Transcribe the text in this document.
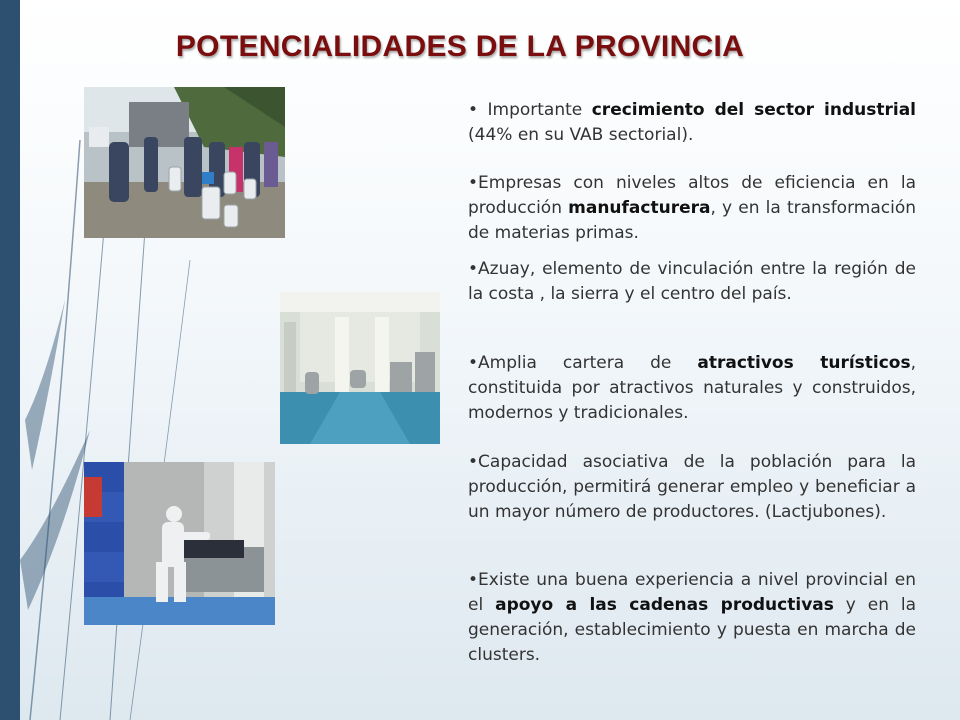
POTENCIALIDADES DE LA PROVINCIA
• Importante crecimiento del sector industrial (44% en su VAB sectorial).
•Empresas con niveles altos de eficiencia en la producción manufacturera, y en la transformación de materias primas.
•Azuay, elemento de vinculación entre la región de la costa , la sierra y el centro del país.
•Amplia cartera de atractivos turísticos, constituida por atractivos naturales y construidos, modernos y tradicionales.
•Capacidad asociativa de la población para la producción, permitirá generar empleo y beneficiar a un mayor número de productores. (Lactjubones).
•Existe una buena experiencia a nivel provincial en el apoyo a las cadenas productivas y en la generación, establecimiento y puesta en marcha de clusters.
